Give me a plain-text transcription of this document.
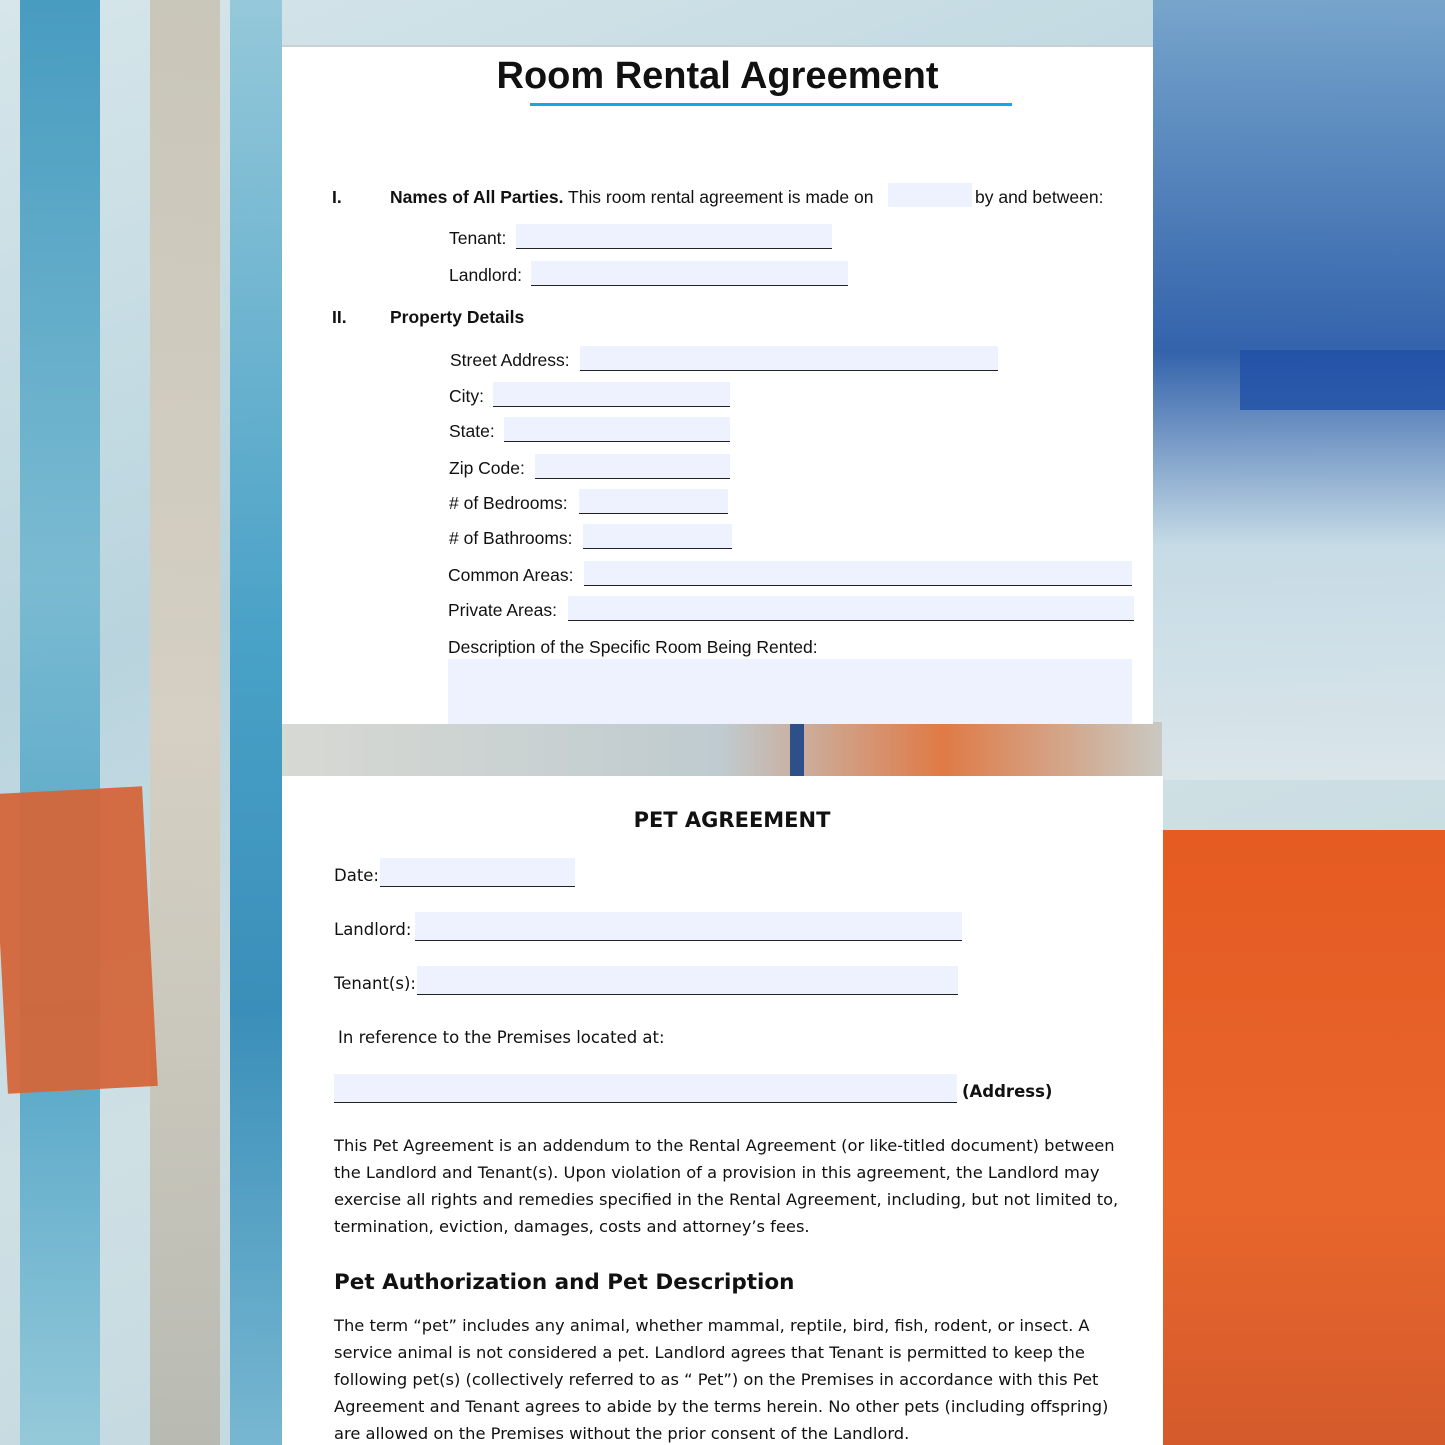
Room Rental Agreement
I.	Names of All Parties. This room rental agreement is made on	by and between:
Tenant:
Landlord:
II. Property Details
Street Address:
City:
State:
Zip Code:
# of Bedrooms:
# of Bathrooms:
Common Areas:
Private Areas:
Description of the Specific Room Being Rented:
PET AGREEMENT
Date:
Landlord:
Tenant(s):
In reference to the Premises located at:
(Address)
This Pet Agreement is an addendum to the Rental Agreement (or like-titled document) between the Landlord and Tenant(s). Upon violation of a provision in this agreement, the Landlord may exercise all rights and remedies specified in the Rental Agreement, including, but not limited to, termination, eviction, damages, costs and attorney’s fees.
Pet Authorization and Pet Description
The term “pet” includes any animal, whether mammal, reptile, bird, fish, rodent, or insect. A service animal is not considered a pet. Landlord agrees that Tenant is permitted to keep the following pet(s) (collectively referred to as “ Pet”) on the Premises in accordance with this Pet Agreement and Tenant agrees to abide by the terms herein. No other pets (including offspring) are allowed on the Premises without the prior consent of the Landlord.
